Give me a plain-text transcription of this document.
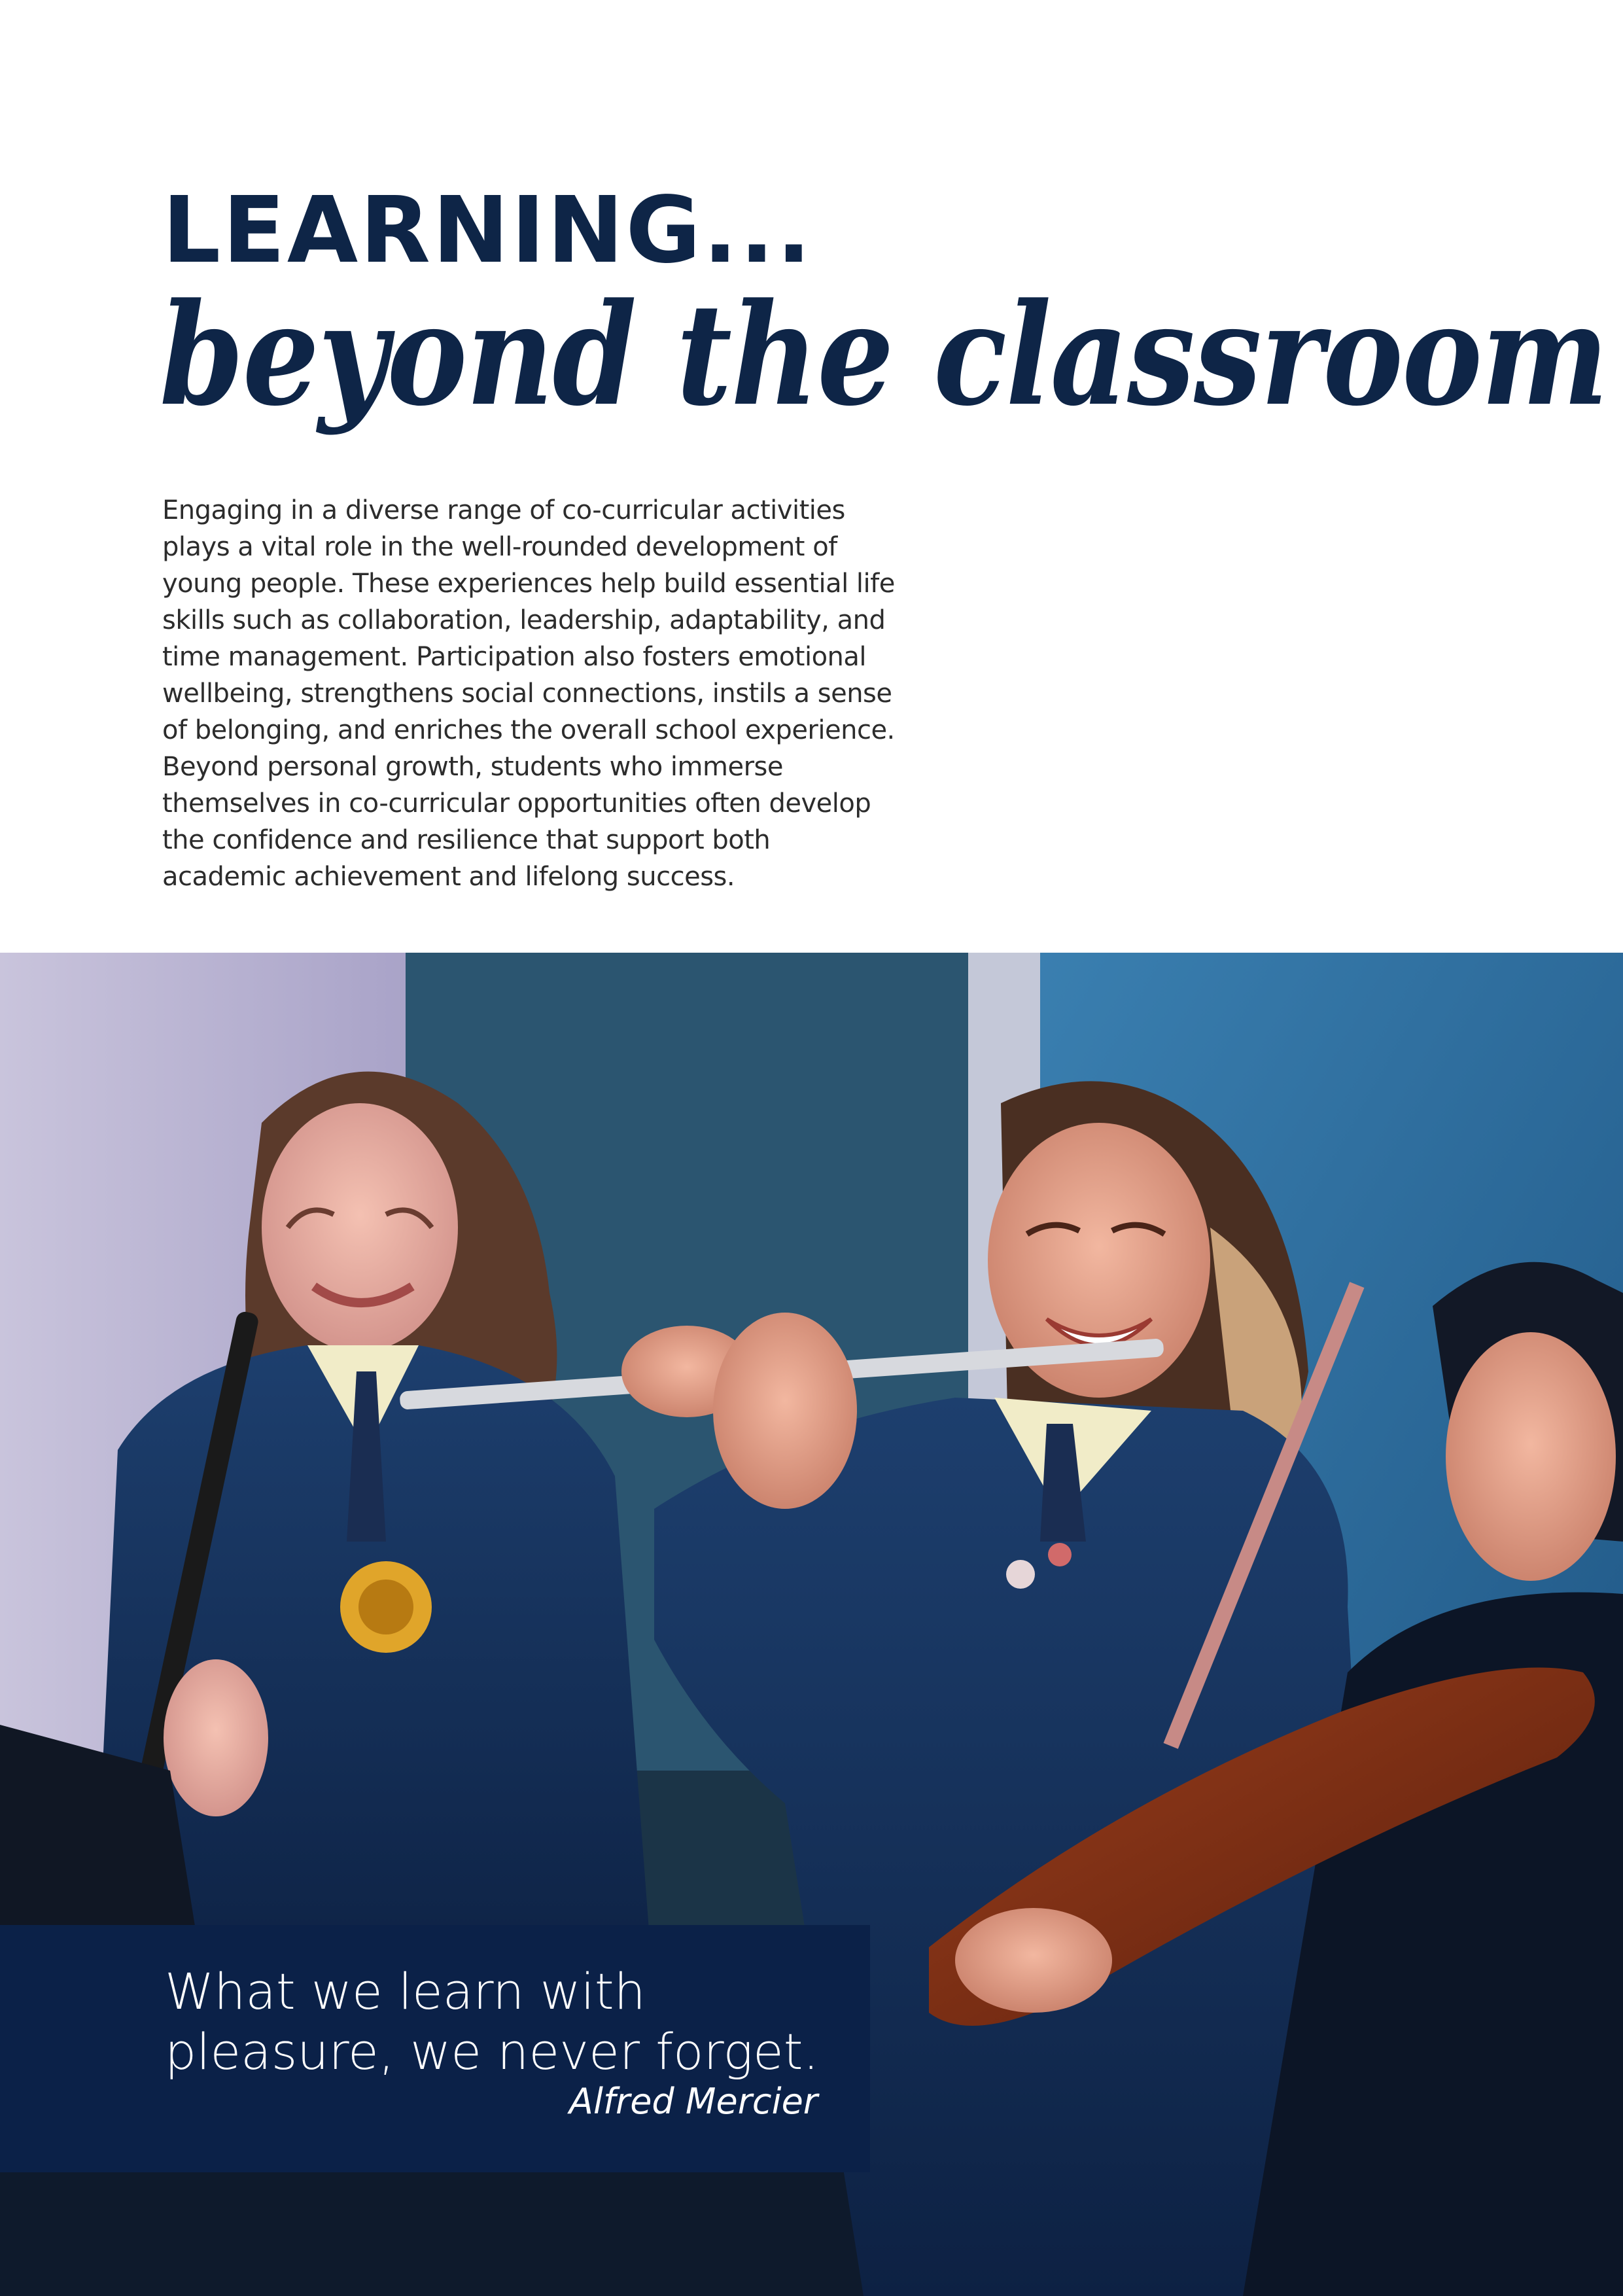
LEARNING...
beyond the classroom

Engaging in a diverse range of co-curricular activities plays a vital role in the well-rounded development of young people. These experiences help build essential life skills such as collaboration, leadership, adaptability, and time management. Participation also fosters emotional wellbeing, strengthens social connections, instils a sense of belonging, and enriches the overall school experience. Beyond personal growth, students who immerse themselves in co-curricular opportunities often develop the confidence and resilience that support both academic achievement and lifelong success.

What we learn with pleasure, we never forget.

Alfred Mercier
